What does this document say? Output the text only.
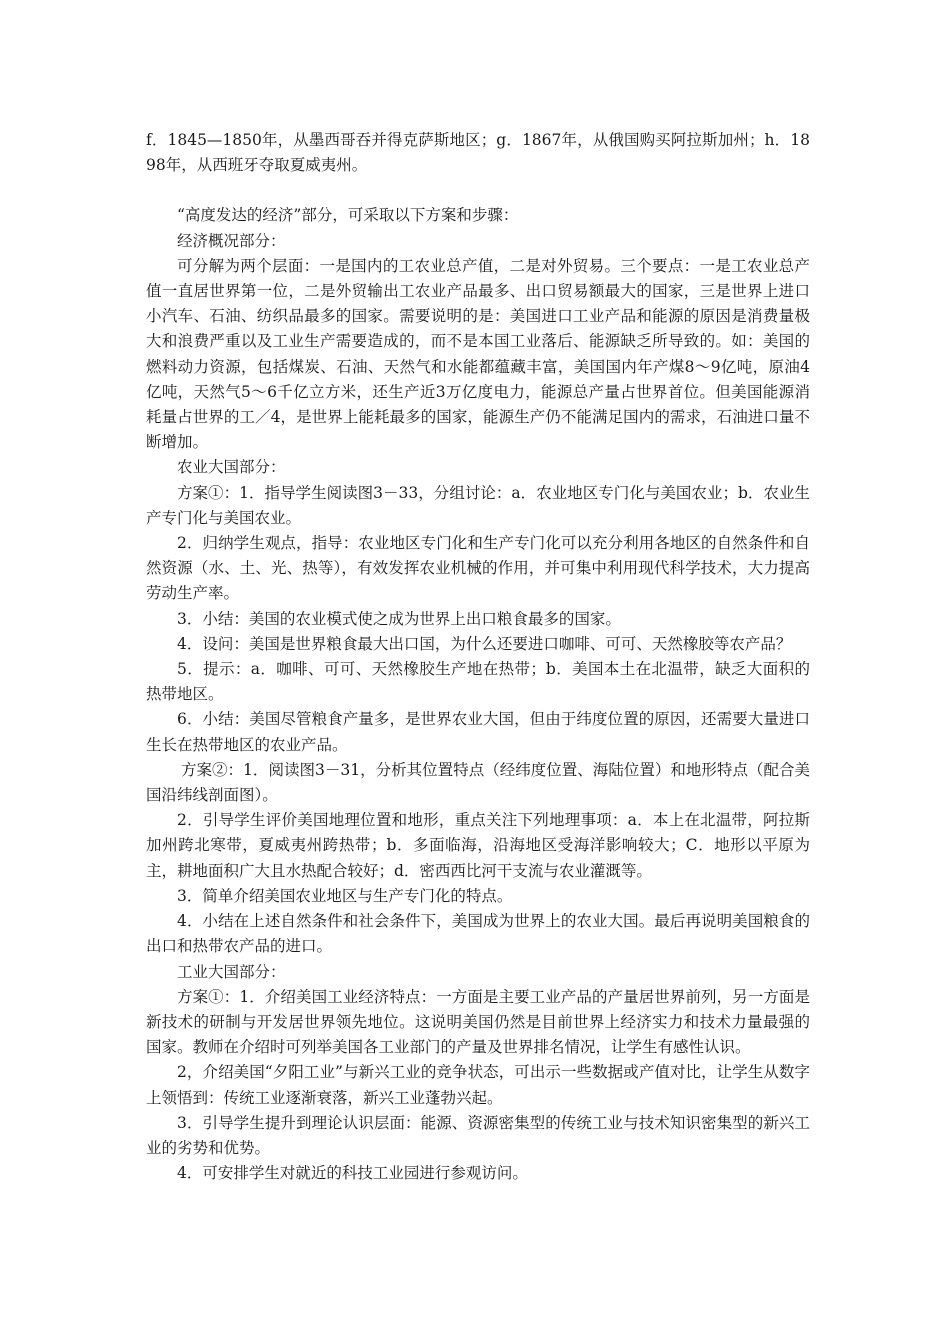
f．1845—1850年，从墨西哥吞并得克萨斯地区；g．1867年，从俄国购买阿拉斯加州；h．1898年，从西班牙夺取夏威夷州。

“高度发达的经济”部分，可采取以下方案和步骤：

经济概况部分：

可分解为两个层面：一是国内的工农业总产值，二是对外贸易。三个要点：一是工农业总产值一直居世界第一位，二是外贸输出工农业产品最多、出口贸易额最大的国家，三是世界上进口小汽车、石油、纺织品最多的国家。需要说明的是：美国进口工业产品和能源的原因是消费量极大和浪费严重以及工业生产需要造成的，而不是本国工业落后、能源缺乏所导致的。如：美国的燃料动力资源，包括煤炭、石油、天然气和水能都蕴藏丰富，美国国内年产煤8～9亿吨，原油4亿吨，天然气5～6千亿立方米，还生产近3万亿度电力，能源总产量占世界首位。但美国能源消耗量占世界的工／4，是世界上能耗最多的国家，能源生产仍不能满足国内的需求，石油进口量不断增加。

农业大国部分：

方案①：1．指导学生阅读图3－33，分组讨论：a．农业地区专门化与美国农业；b．农业生产专门化与美国农业。

2．归纳学生观点，指导：农业地区专门化和生产专门化可以充分利用各地区的自然条件和自然资源（水、土、光、热等），有效发挥农业机械的作用，并可集中利用现代科学技术，大力提高劳动生产率。

3．小结：美国的农业模式使之成为世界上出口粮食最多的国家。

4．设问：美国是世界粮食最大出口国，为什么还要进口咖啡、可可、天然橡胶等农产品？

5．提示：a．咖啡、可可、天然橡胶生产地在热带；b．美国本土在北温带，缺乏大面积的热带地区。

6．小结：美国尽管粮食产量多，是世界农业大国，但由于纬度位置的原因，还需要大量进口生长在热带地区的农业产品。

方案②：1．阅读图3－31，分析其位置特点（经纬度位置、海陆位置）和地形特点（配合美国沿纬线剖面图）。

2．引导学生评价美国地理位置和地形，重点关注下列地理事项：a．本上在北温带，阿拉斯加州跨北寒带，夏威夷州跨热带；b．多面临海，沿海地区受海洋影响较大；C．地形以平原为主，耕地面积广大且水热配合较好；d．密西西比河干支流与农业灌溉等。

3．简单介绍美国农业地区与生产专门化的特点。

4．小结在上述自然条件和社会条件下，美国成为世界上的农业大国。最后再说明美国粮食的出口和热带农产品的进口。

工业大国部分：

方案①：1．介绍美国工业经济特点：一方面是主要工业产品的产量居世界前列，另一方面是新技术的研制与开发居世界领先地位。这说明美国仍然是目前世界上经济实力和技术力量最强的国家。教师在介绍时可列举美国各工业部门的产量及世界排名情况，让学生有感性认识。

2，介绍美国“夕阳工业”与新兴工业的竞争状态，可出示一些数据或产值对比，让学生从数字上领悟到：传统工业逐渐衰落，新兴工业蓬勃兴起。

3．引导学生提升到理论认识层面：能源、资源密集型的传统工业与技术知识密集型的新兴工业的劣势和优势。

4．可安排学生对就近的科技工业园进行参观访问。
